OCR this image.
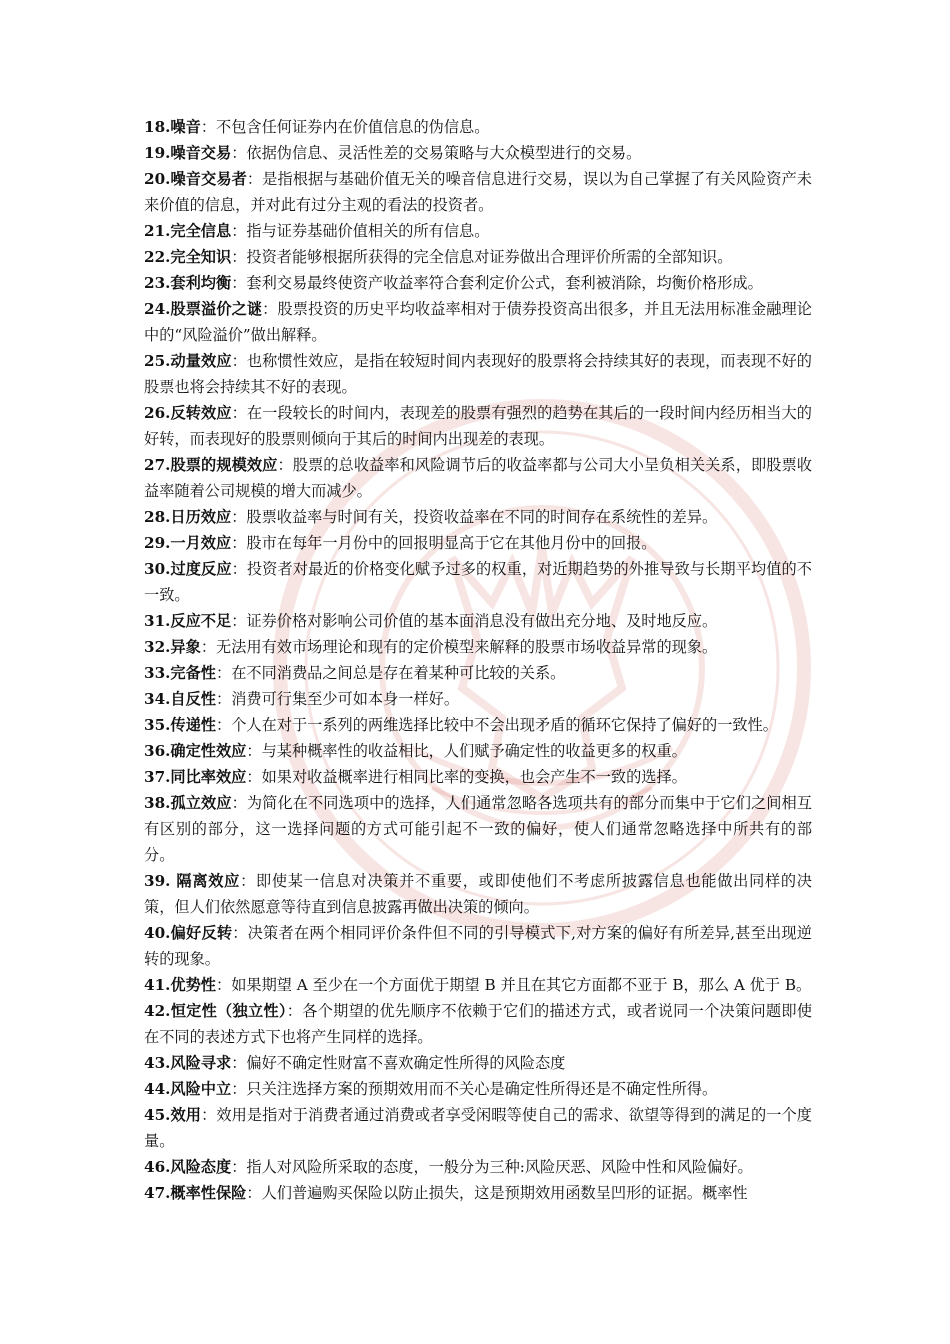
18.噪音：不包含任何证券内在价值信息的伪信息。

19.噪音交易：依据伪信息、灵活性差的交易策略与大众模型进行的交易。

20.噪音交易者：是指根据与基础价值无关的噪音信息进行交易，误以为自己掌握了有关风险资产未来价值的信息，并对此有过分主观的看法的投资者。

21.完全信息：指与证券基础价值相关的所有信息。

22.完全知识：投资者能够根据所获得的完全信息对证券做出合理评价所需的全部知识。

23.套利均衡：套利交易最终使资产收益率符合套利定价公式，套利被消除，均衡价格形成。

24.股票溢价之谜：股票投资的历史平均收益率相对于债券投资高出很多，并且无法用标准金融理论中的“风险溢价”做出解释。

25.动量效应：也称惯性效应，是指在较短时间内表现好的股票将会持续其好的表现，而表现不好的股票也将会持续其不好的表现。

26.反转效应：在一段较长的时间内，表现差的股票有强烈的趋势在其后的一段时间内经历相当大的好转，而表现好的股票则倾向于其后的时间内出现差的表现。

27.股票的规模效应：股票的总收益率和风险调节后的收益率都与公司大小呈负相关关系，即股票收益率随着公司规模的增大而减少。

28.日历效应：股票收益率与时间有关，投资收益率在不同的时间存在系统性的差异。

29.一月效应：股市在每年一月份中的回报明显高于它在其他月份中的回报。

30.过度反应：投资者对最近的价格变化赋予过多的权重，对近期趋势的外推导致与长期平均值的不一致。

31.反应不足：证券价格对影响公司价值的基本面消息没有做出充分地、及时地反应。

32.异象：无法用有效市场理论和现有的定价模型来解释的股票市场收益异常的现象。

33.完备性：在不同消费品之间总是存在着某种可比较的关系。

34.自反性：消费可行集至少可如本身一样好。

35.传递性：个人在对于一系列的两维选择比较中不会出现矛盾的循环它保持了偏好的一致性。

36.确定性效应：与某种概率性的收益相比，人们赋予确定性的收益更多的权重。

37.同比率效应：如果对收益概率进行相同比率的变换，也会产生不一致的选择。

38.孤立效应：为简化在不同选项中的选择，人们通常忽略各选项共有的部分而集中于它们之间相互有区别的部分，这一选择问题的方式可能引起不一致的偏好，使人们通常忽略选择中所共有的部分。

39. 隔离效应：即使某一信息对决策并不重要，或即使他们不考虑所披露信息也能做出同样的决策，但人们依然愿意等待直到信息披露再做出决策的倾向。

40.偏好反转：决策者在两个相同评价条件但不同的引导模式下,对方案的偏好有所差异,甚至出现逆转的现象。

41.优势性：如果期望 A 至少在一个方面优于期望 B 并且在其它方面都不亚于 B，那么 A 优于 B。

42.恒定性（独立性）：各个期望的优先顺序不依赖于它们的描述方式，或者说同一个决策问题即使在不同的表述方式下也将产生同样的选择。

43.风险寻求：偏好不确定性财富不喜欢确定性所得的风险态度

44.风险中立：只关注选择方案的预期效用而不关心是确定性所得还是不确定性所得。

45.效用：效用是指对于消费者通过消费或者享受闲暇等使自己的需求、欲望等得到的满足的一个度量。

46.风险态度：指人对风险所采取的态度，一般分为三种:风险厌恶、风险中性和风险偏好。

47.概率性保险：人们普遍购买保险以防止损失，这是预期效用函数呈凹形的证据。概率性
